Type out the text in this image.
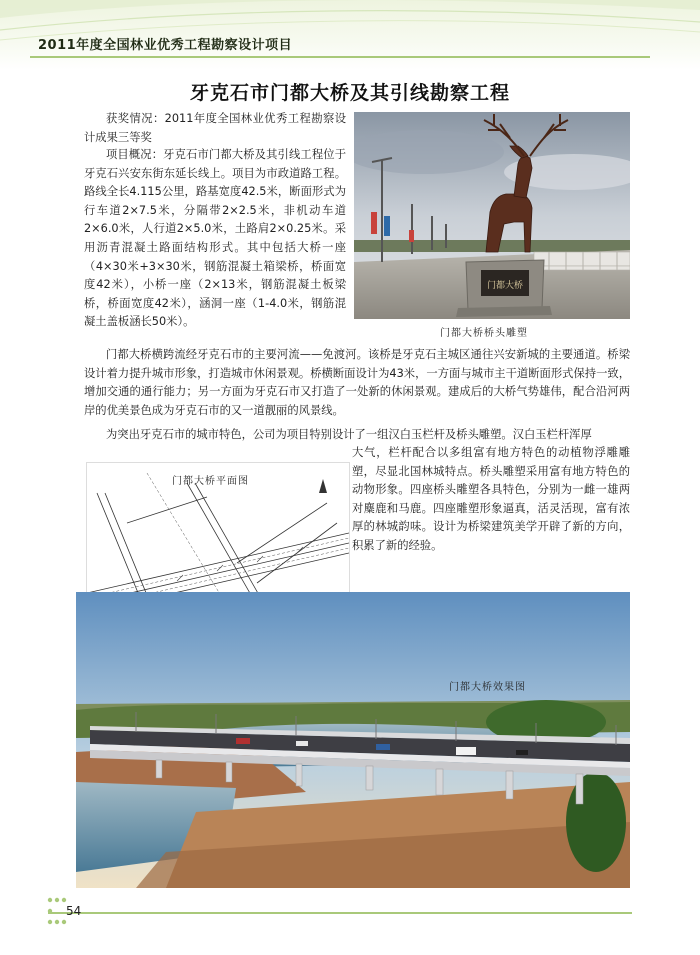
2011年度全国林业优秀工程勘察设计项目
牙克石市门都大桥及其引线勘察工程

获奖情况：2011年度全国林业优秀工程勘察设计成果三等奖

项目概况：牙克石市门都大桥及其引线工程位于牙克石兴安东街东延长线上。项目为市政道路工程。路线全长4.115公里，路基宽度42.5米，断面形式为行车道2×7.5米，分隔带2×2.5米，非机动车道2×6.0米，人行道2×5.0米，土路肩2×0.25米。采用沥青混凝土路面结构形式。其中包括大桥一座（4×30米+3×30米，钢筋混凝土箱梁桥，桥面宽度42米），小桥一座（2×13米，钢筋混凝土板梁桥，桥面宽度42米），涵洞一座（1-4.0米，钢筋混凝土盖板涵长50米）。

门都大桥
门都大桥桥头雕塑

门都大桥横跨流经牙克石市的主要河流——免渡河。该桥是牙克石主城区通往兴安新城的主要通道。桥梁设计着力提升城市形象，打造城市休闲景观。桥横断面设计为43米，一方面与城市主干道断面形式保持一致，增加交通的通行能力；另一方面为牙克石市又打造了一处新的休闲景观。建成后的大桥气势雄伟，配合沿河两岸的优美景色成为牙克石市的又一道靓丽的风景线。

为突出牙克石市的城市特色，公司为项目特别设计了一组汉白玉栏杆及桥头雕塑。汉白玉栏杆浑厚

大气，栏杆配合以多组富有地方特色的动植物浮雕雕塑，尽显北国林城特点。桥头雕塑采用富有地方特色的动物形象。四座桥头雕塑各具特色，分别为一雌一雄两对麋鹿和马鹿。四座雕塑形象逼真，活灵活现，富有浓厚的林城韵味。设计为桥梁建筑美学开辟了新的方向，积累了新的经验。

门都大桥平面图
门都大桥效果图
54
